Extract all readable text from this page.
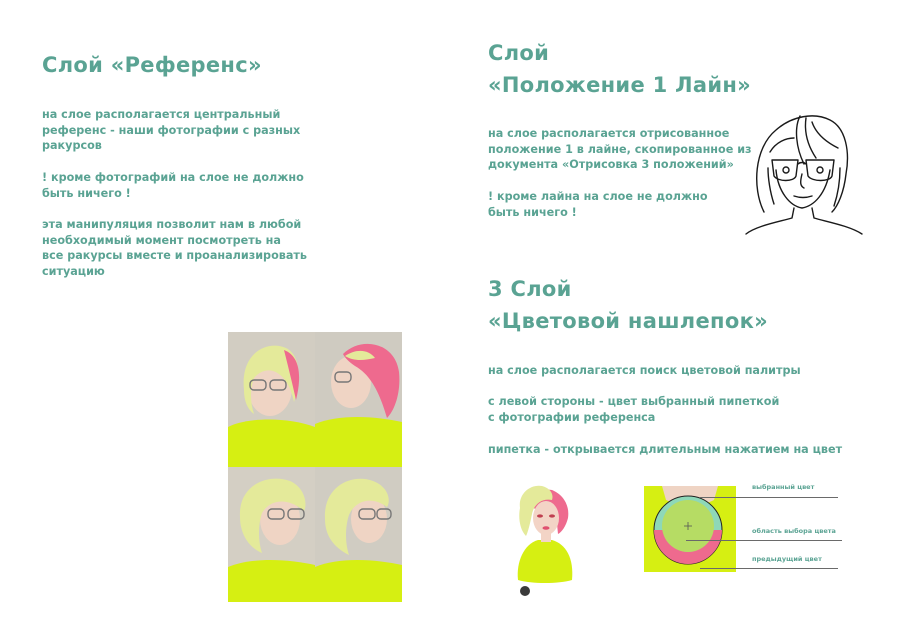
Слой «Референс»

на слое располагается центральный
референс - наши фотографии с разных
ракурсов

! кроме фотографий на слое не должно
быть ничего !

эта манипуляция позволит нам в любой
необходимый момент посмотреть на
все ракурсы вместе и проанализировать
ситуацию

Слой
«Положение 1 Лайн»

на слое располагается отрисованное
положение 1 в лайне, скопированное из
документа «Отрисовка 3 положений»

! кроме лайна на слое не должно
быть ничего !

3 Слой
«Цветовой нашлепок»

на слое располагается поиск цветовой палитры

с левой стороны - цвет выбранный пипеткой
с фотографии референса

пипетка - открывается длительным нажатием на цвет

выбранный цвет
область выбора цвета
предыдущий цвет
